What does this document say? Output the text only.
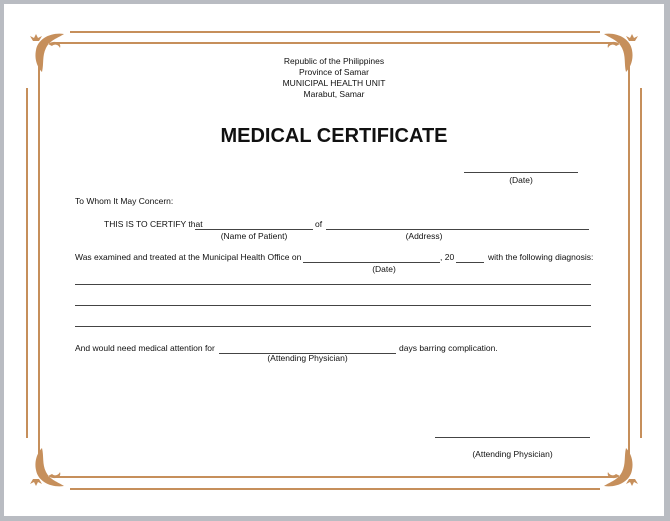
Republic of the Philippines
Province of Samar
MUNICIPAL HEALTH UNIT
Marabut, Samar
MEDICAL CERTIFICATE
(Date)
To Whom It May Concern:
THIS IS TO CERTIFY that	of
(Name of Patient)	(Address)
Was examined and treated at the Municipal Health Office on	, 20	with the following diagnosis:
(Date)
And would need medical attention for	days barring complication.
(Attending Physician)
(Attending Physician)
